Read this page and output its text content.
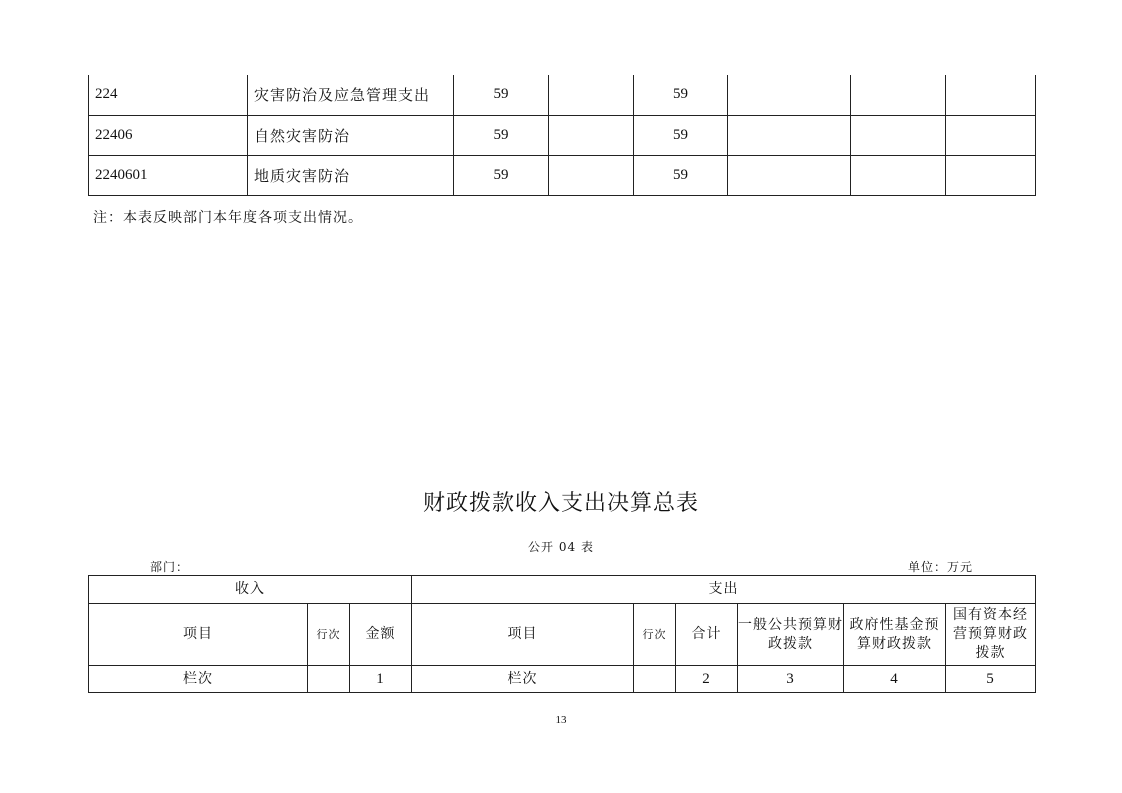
224	灾害防治及应急管理支出	59		59			
22406	自然灾害防治	59		59			
2240601	地质灾害防治	59		59			
注：本表反映部门本年度各项支出情况。
财政拨款收入支出决算总表
公开 04 表
部门：	单位：万元
收入			支出					
项目	行次	金额	项目	行次	合计	一般公共预算财政拨款	政府性基金预算财政拨款	国有资本经营预算财政拨款
栏次		1	栏次		2	3	4	5
13
